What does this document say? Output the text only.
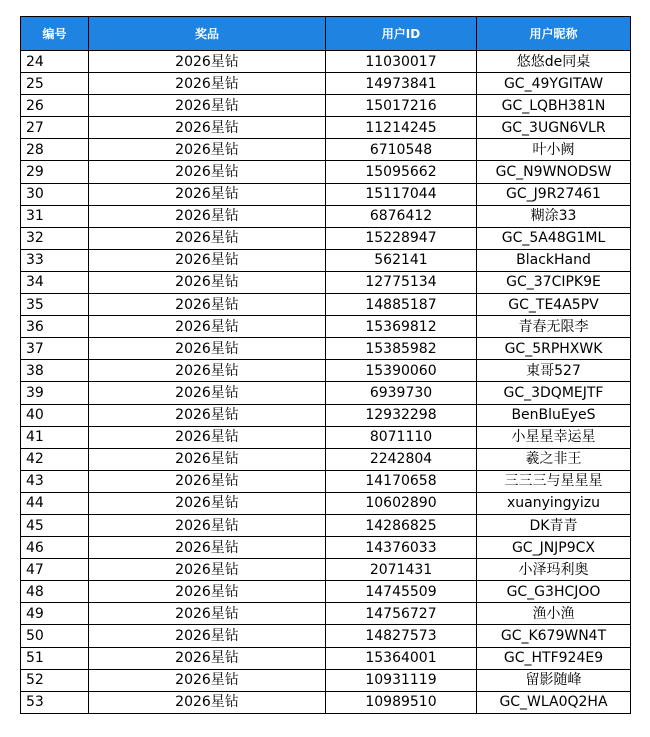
编号	奖品	用户ID	用户昵称
24	2026星钻	11030017	悠悠de同桌
25	2026星钻	14973841	GC_49YGITAW
26	2026星钻	15017216	GC_LQBH381N
27	2026星钻	11214245	GC_3UGN6VLR
28	2026星钻	6710548	叶小阙
29	2026星钻	15095662	GC_N9WNODSW
30	2026星钻	15117044	GC_J9R27461
31	2026星钻	6876412	糊涂33
32	2026星钻	15228947	GC_5A48G1ML
33	2026星钻	562141	BlackHand
34	2026星钻	12775134	GC_37CIPK9E
35	2026星钻	14885187	GC_TE4A5PV
36	2026星钻	15369812	青春无限李
37	2026星钻	15385982	GC_5RPHXWK
38	2026星钻	15390060	東哥527
39	2026星钻	6939730	GC_3DQMEJTF
40	2026星钻	12932298	BenBluEyeS
41	2026星钻	8071110	小星星幸运星
42	2026星钻	2242804	羲之非王
43	2026星钻	14170658	三三三与星星星
44	2026星钻	10602890	xuanyingyizu
45	2026星钻	14286825	DK青青
46	2026星钻	14376033	GC_JNJP9CX
47	2026星钻	2071431	小泽玛利奥
48	2026星钻	14745509	GC_G3HCJOO
49	2026星钻	14756727	渔小渔
50	2026星钻	14827573	GC_K679WN4T
51	2026星钻	15364001	GC_HTF924E9
52	2026星钻	10931119	留影随峰
53	2026星钻	10989510	GC_WLA0Q2HA
